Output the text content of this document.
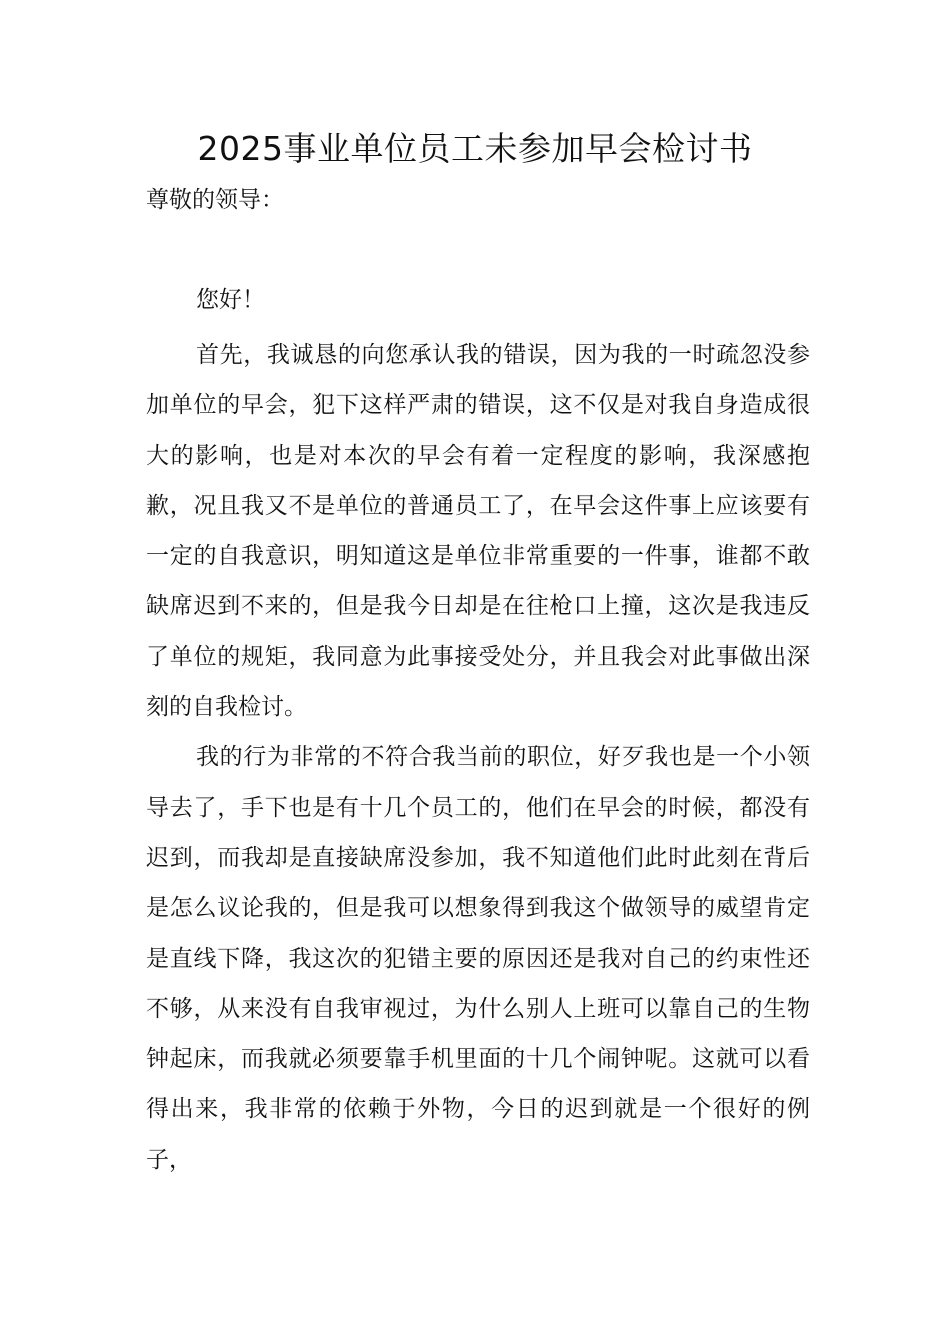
2025事业单位员工未参加早会检讨书

尊敬的领导：

您好！

首先，我诚恳的向您承认我的错误，因为我的一时疏忽没参加单位的早会，犯下这样严肃的错误，这不仅是对我自身造成很大的影响，也是对本次的早会有着一定程度的影响，我深感抱歉，况且我又不是单位的普通员工了，在早会这件事上应该要有一定的自我意识，明知道这是单位非常重要的一件事，谁都不敢缺席迟到不来的，但是我今日却是在往枪口上撞，这次是我违反了单位的规矩，我同意为此事接受处分，并且我会对此事做出深刻的自我检讨。

我的行为非常的不符合我当前的职位，好歹我也是一个小领导去了，手下也是有十几个员工的，他们在早会的时候，都没有迟到，而我却是直接缺席没参加，我不知道他们此时此刻在背后是怎么议论我的，但是我可以想象得到我这个做领导的威望肯定是直线下降，我这次的犯错主要的原因还是我对自己的约束性还不够，从来没有自我审视过，为什么别人上班可以靠自己的生物钟起床，而我就必须要靠手机里面的十几个闹钟呢。这就可以看得出来，我非常的依赖于外物，今日的迟到就是一个很好的例子，
